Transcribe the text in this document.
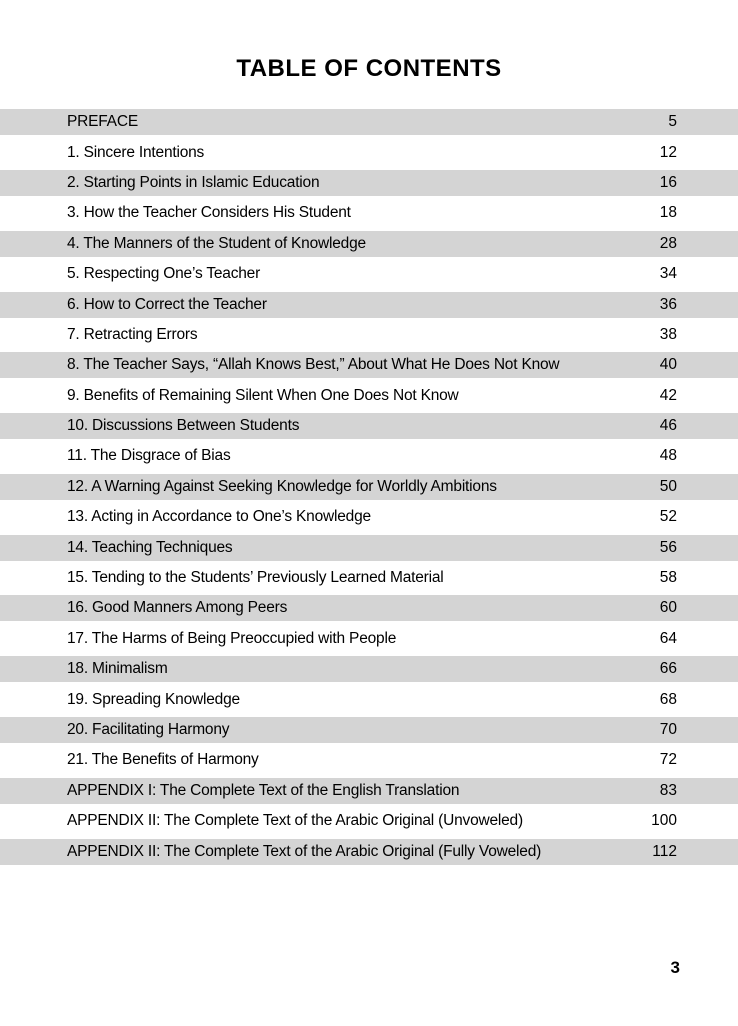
TABLE OF CONTENTS
PREFACE	5
1. Sincere Intentions	12
2. Starting Points in Islamic Education	16
3. How the Teacher Considers His Student	18
4. The Manners of the Student of Knowledge	28
5. Respecting One’s Teacher	34
6. How to Correct the Teacher	36
7. Retracting Errors	38
8. The Teacher Says, “Allah Knows Best,” About What He Does Not Know	40
9. Benefits of Remaining Silent When One Does Not Know	42
10. Discussions Between Students	46
11. The Disgrace of Bias	48
12. A Warning Against Seeking Knowledge for Worldly Ambitions	50
13. Acting in Accordance to One’s Knowledge	52
14. Teaching Techniques	56
15. Tending to the Students’ Previously Learned Material	58
16. Good Manners Among Peers	60
17. The Harms of Being Preoccupied with People	64
18. Minimalism	66
19. Spreading Knowledge	68
20. Facilitating Harmony	70
21. The Benefits of Harmony	72
APPENDIX I: The Complete Text of the English Translation	83
APPENDIX II: The Complete Text of the Arabic Original (Unvoweled)	100
APPENDIX II: The Complete Text of the Arabic Original (Fully Voweled)	112
3
